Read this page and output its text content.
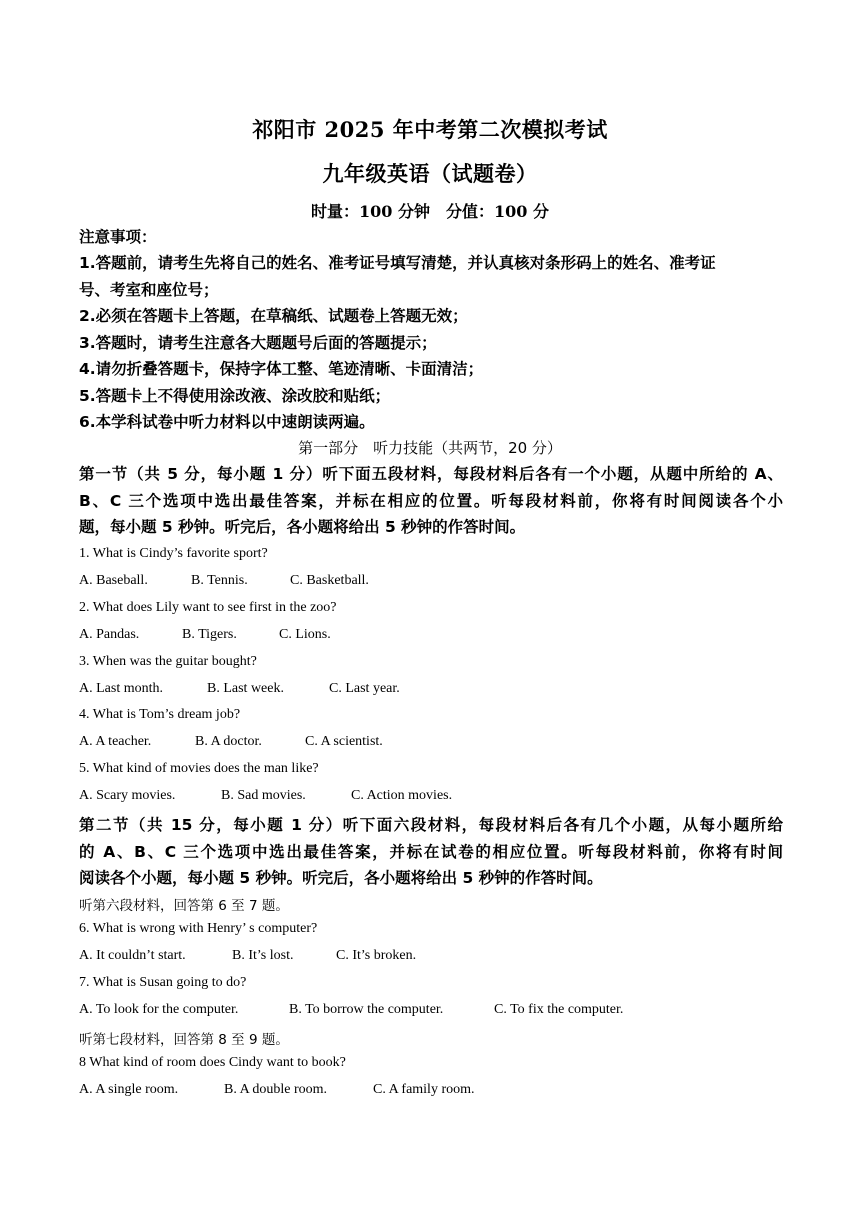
祁阳市 2025 年中考第二次模拟考试
九年级英语（试题卷）
时量：100 分钟　分值：100 分
注意事项：
1.答题前，请考生先将自己的姓名、准考证号填写清楚，并认真核对条形码上的姓名、准考证
号、考室和座位号；
2.必须在答题卡上答题，在草稿纸、试题卷上答题无效；
3.答题时，请考生注意各大题题号后面的答题提示；
4.请勿折叠答题卡，保持字体工整、笔迹清晰、卡面清洁；
5.答题卡上不得使用涂改液、涂改胶和贴纸；
6.本学科试卷中听力材料以中速朗读两遍。
第一部分　听力技能（共两节，20 分）
第一节（共 5 分，每小题 1 分）听下面五段材料，每段材料后各有一个小题，从题中所给的 A、
B、C 三个选项中选出最佳答案，并标在相应的位置。听每段材料前，你将有时间阅读各个小
题，每小题 5 秒钟。听完后，各小题将给出 5 秒钟的作答时间。
1. What is Cindy’s favorite sport?
A. Baseball.	B. Tennis.	C. Basketball.
2. What does Lily want to see first in the zoo?
A. Pandas.	B. Tigers.	C. Lions.
3. When was the guitar bought?
A. Last month.	B. Last week.	C. Last year.
4. What is Tom’s dream job?
A. A teacher.	B. A doctor.	C. A scientist.
5. What kind of movies does the man like?
A. Scary movies.	B. Sad movies.	C. Action movies.
第二节（共 15 分，每小题 1 分）听下面六段材料，每段材料后各有几个小题，从每小题所给
的 A、B、C 三个选项中选出最佳答案，并标在试卷的相应位置。听每段材料前，你将有时间
阅读各个小题，每小题 5 秒钟。听完后，各小题将给出 5 秒钟的作答时间。
听第六段材料，回答第 6 至 7 题。
6. What is wrong with Henry’ s computer?
A. It couldn’t start.	B. It’s lost.	C. It’s broken.
7. What is Susan going to do?
A. To look for the computer.	B. To borrow the computer.	C. To fix the computer.
听第七段材料，回答第 8 至 9 题。
8 What kind of room does Cindy want to book?
A. A single room.	B. A double room.	C. A family room.
